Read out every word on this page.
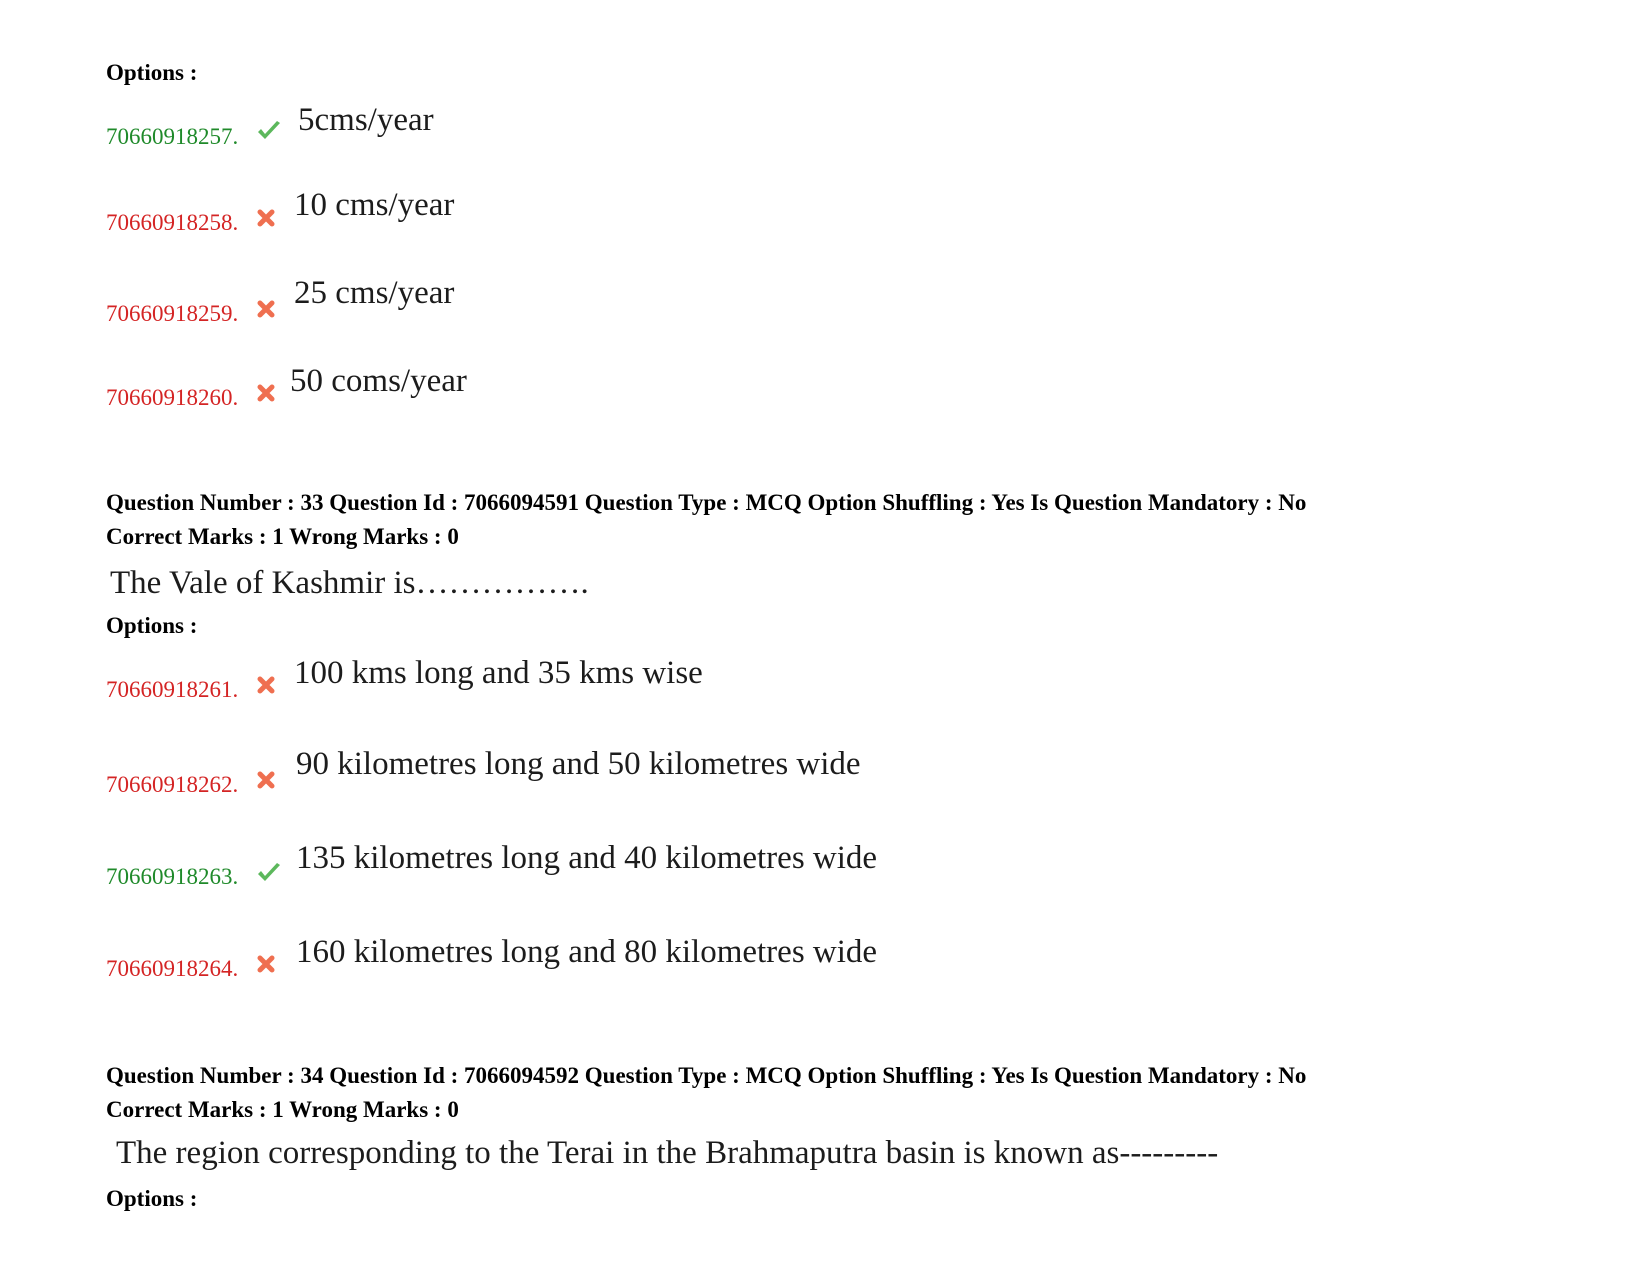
Options :
70660918257. 5cms/year
70660918258. 10 cms/year
70660918259.
25 cms/year
70660918260. 50 coms/year
Question Number : 33 Question Id : 7066094591 Question Type : MCQ Option Shuffling : Yes Is Question Mandatory : No
Correct Marks : 1 Wrong Marks : 0
The Vale of Kashmir is…………….
Options :
70660918261. 100 kms long and 35 kms wise
70660918262.
90 kilometres long and 50 kilometres wide
70660918263.
135 kilometres long and 40 kilometres wide
70660918264. 160 kilometres long and 80 kilometres wide
Question Number : 34 Question Id : 7066094592 Question Type : MCQ Option Shuffling : Yes Is Question Mandatory : No
Correct Marks : 1 Wrong Marks : 0
The region corresponding to the Terai in the Brahmaputra basin is known as---------
Options :
